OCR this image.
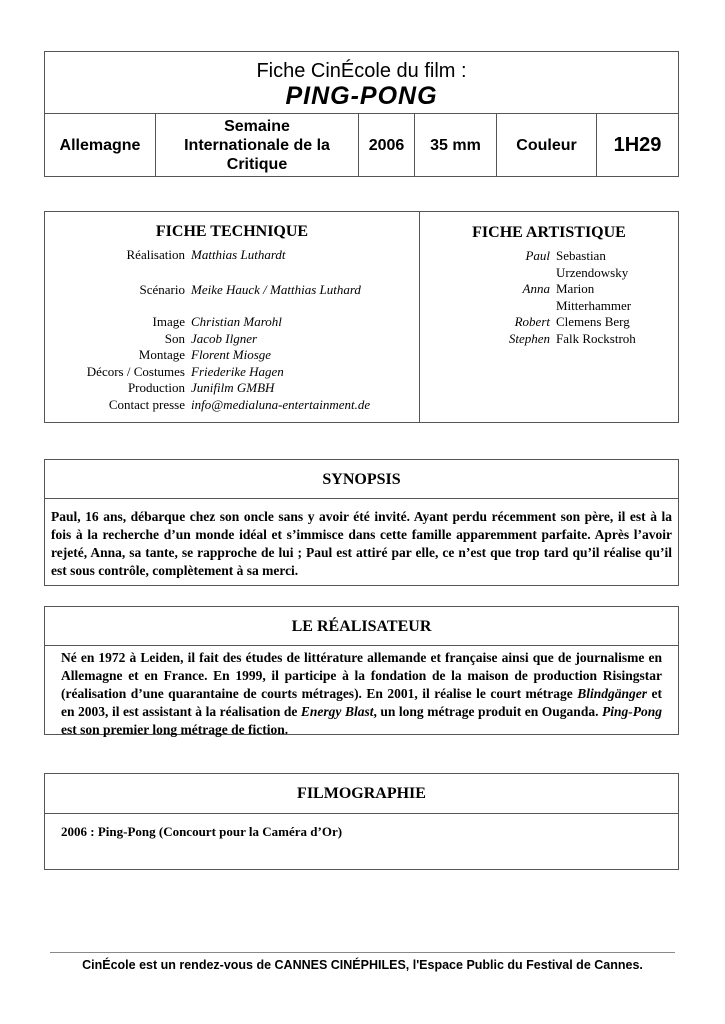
Fiche CinÉcole du film :
PING-PONG
Allemagne
Semaine
Internationale de la
Critique
2006 35 mm Couleur 1H29
FICHE TECHNIQUE
Réalisation Matthias Luthardt
Scénario Meike Hauck / Matthias Luthard
Image Christian Marohl
Son Jacob Ilgner
Montage Florent Miosge
Décors / Costumes Friederike Hagen
Production Junifilm GMBH
Contact presse info@medialuna-entertainment.de
FICHE ARTISTIQUE
Paul Sebastian
Urzendowsky
Anna Marion
Mitterhammer
Robert Clemens Berg
Stephen Falk Rockstroh
SYNOPSIS
Paul, 16 ans, débarque chez son oncle sans y avoir été invité. Ayant perdu récemment son père, il est à la fois à la recherche d’un monde idéal et s’immisce dans cette famille apparemment parfaite. Après l’avoir rejeté, Anna, sa tante, se rapproche de lui ; Paul est attiré par elle, ce n’est que trop tard qu’il réalise qu’il est sous contrôle, complètement à sa merci.
LE RÉALISATEUR
Né en 1972 à Leiden, il fait des études de littérature allemande et française ainsi que de journalisme en Allemagne et en France. En 1999, il participe à la fondation de la maison de production Risingstar (réalisation d’une quarantaine de courts métrages). En 2001, il réalise le court métrage Blindgänger et en 2003, il est assistant à la réalisation de Energy Blast, un long métrage produit en Ouganda. Ping-Pong est son premier long métrage de fiction.
FILMOGRAPHIE
2006 : Ping-Pong (Concourt pour la Caméra d’Or)
CinÉcole est un rendez-vous de CANNES CINÉPHILES, l'Espace Public du Festival de Cannes.
